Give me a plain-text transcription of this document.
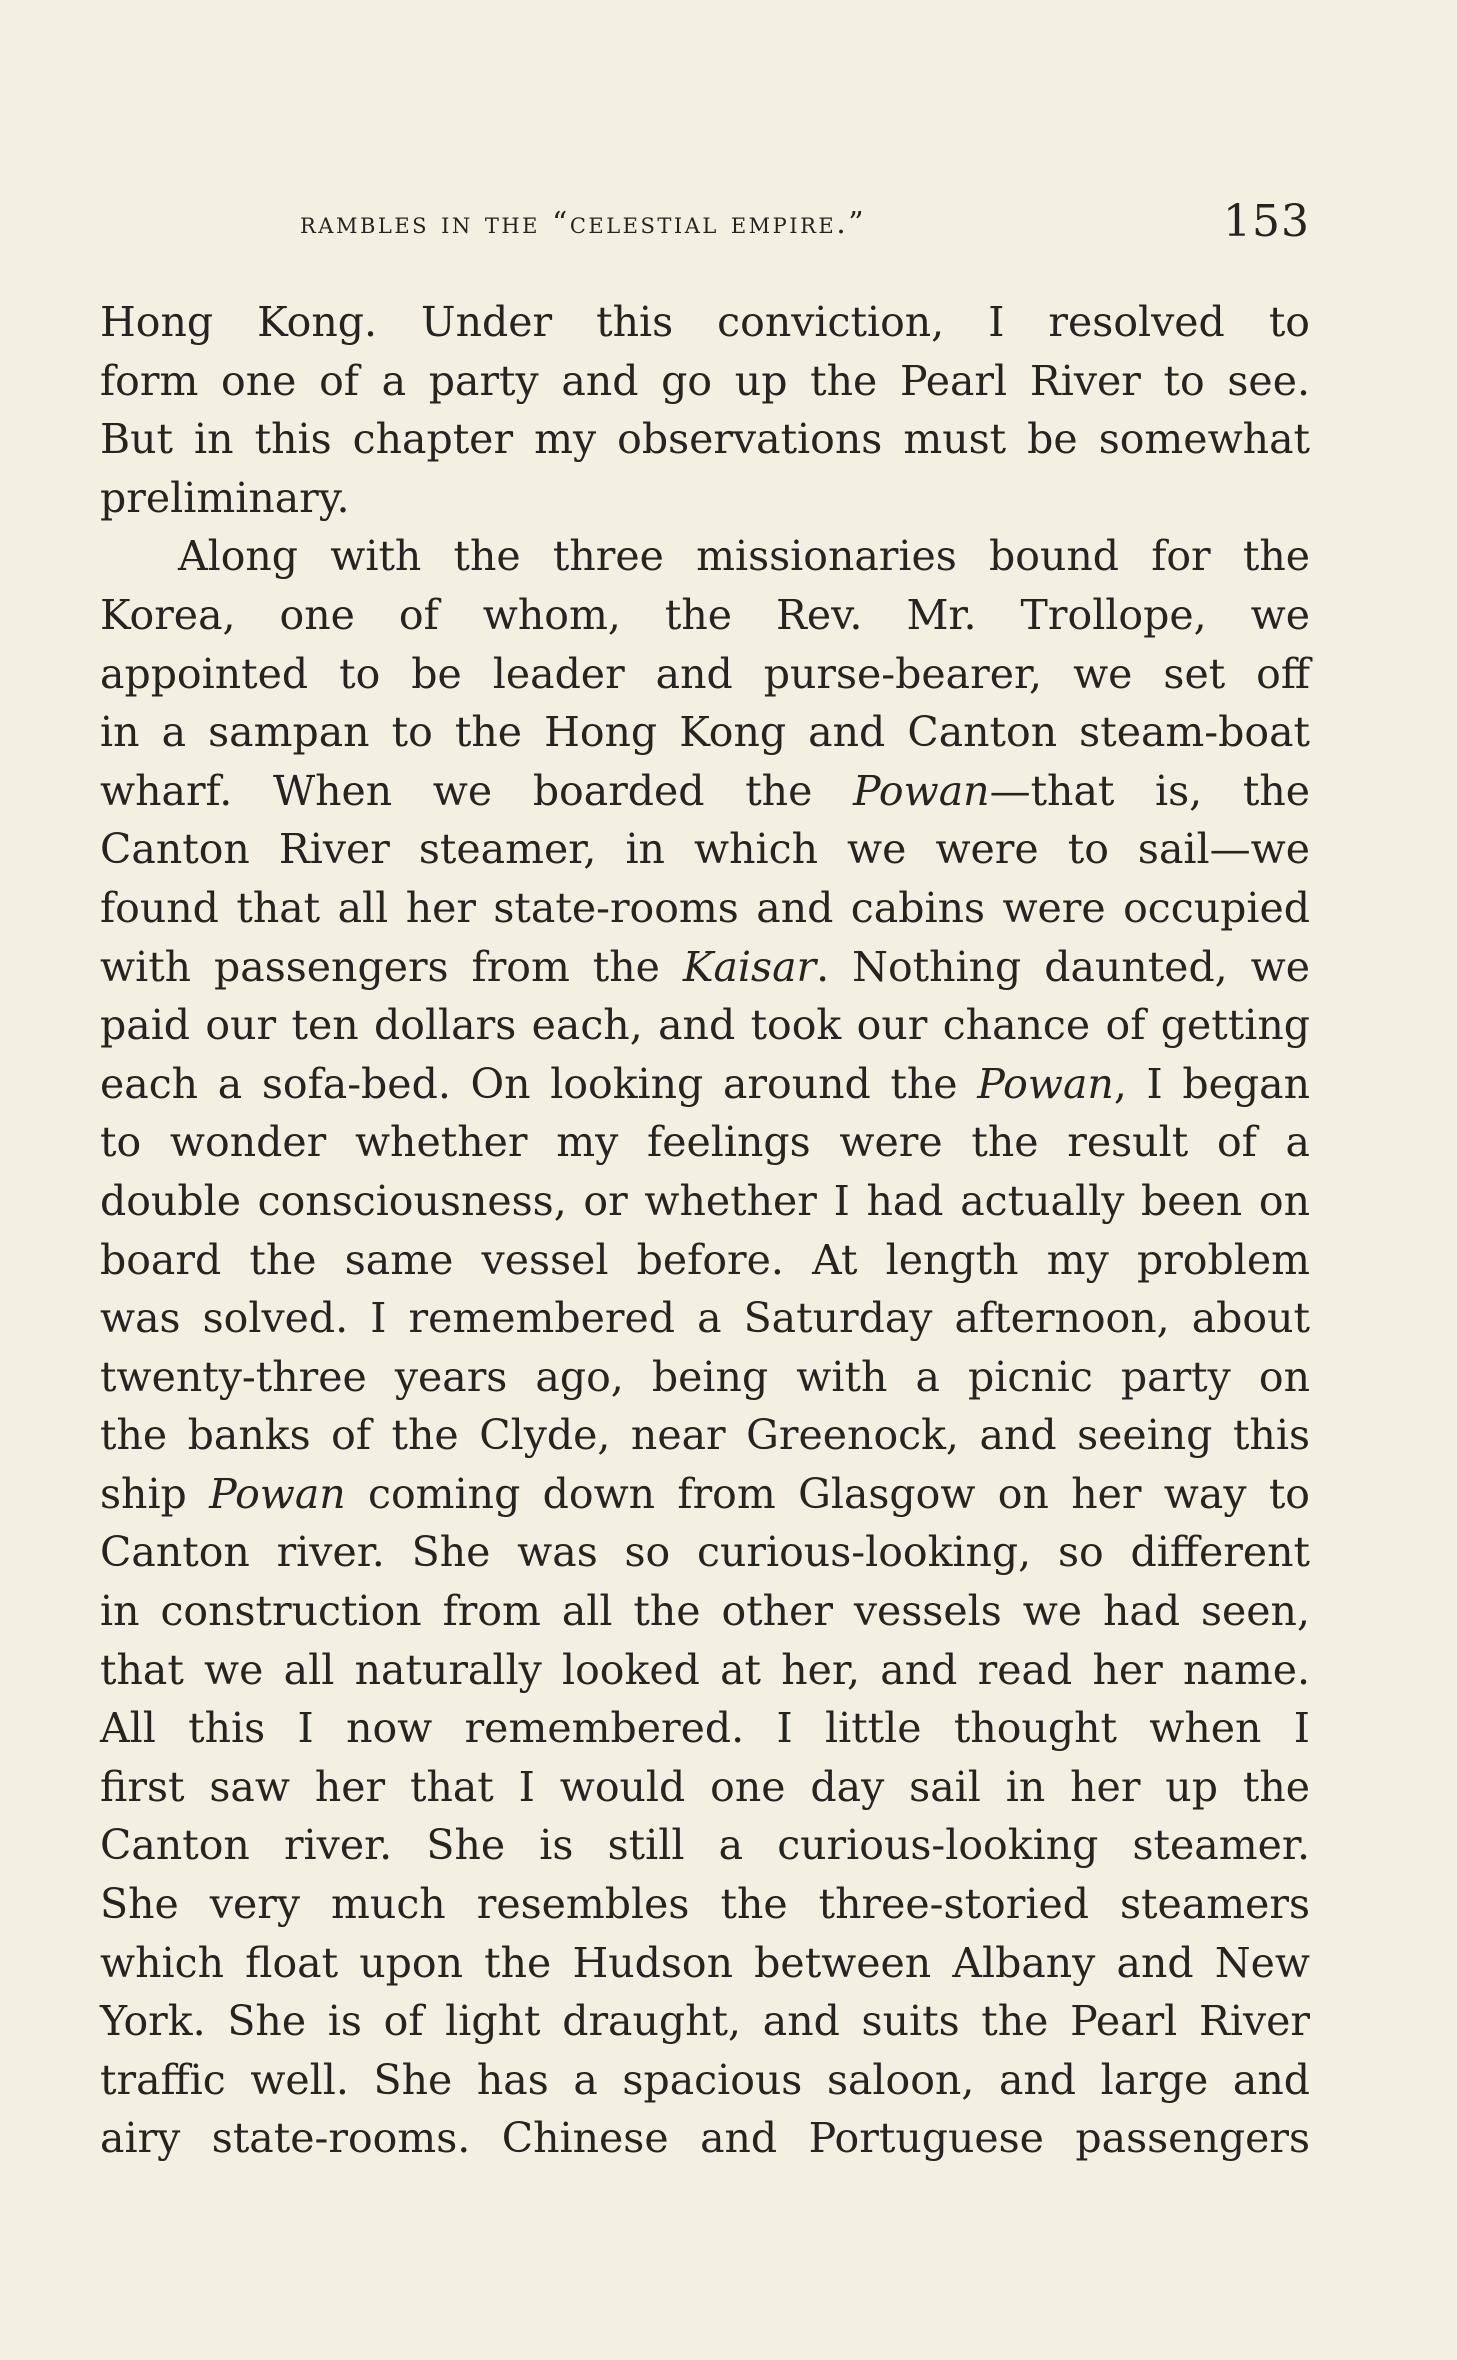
rambles in the “celestial empire.”	153
Hong Kong. Under this conviction, I resolved to
form one of a party and go up the Pearl River to see.
But in this chapter my observations must be somewhat
preliminary.
Along with the three missionaries bound for the
Korea, one of whom, the Rev. Mr. Trollope, we
appointed to be leader and purse-bearer, we set off
in a sampan to the Hong Kong and Canton steam-boat
wharf. When we boarded the Powan—that is, the
Canton River steamer, in which we were to sail—we
found that all her state-rooms and cabins were occupied
with passengers from the Kaisar. Nothing daunted, we
paid our ten dollars each, and took our chance of getting
each a sofa-bed. On looking around the Powan, I began
to wonder whether my feelings were the result of a
double consciousness, or whether I had actually been on
board the same vessel before. At length my problem
was solved. I remembered a Saturday afternoon, about
twenty-three years ago, being with a picnic party on
the banks of the Clyde, near Greenock, and seeing this
ship Powan coming down from Glasgow on her way to
Canton river. She was so curious-looking, so different
in construction from all the other vessels we had seen,
that we all naturally looked at her, and read her name.
All this I now remembered. I little thought when I
first saw her that I would one day sail in her up the
Canton river. She is still a curious-looking steamer.
She very much resembles the three-storied steamers
which float upon the Hudson between Albany and New
York. She is of light draught, and suits the Pearl River
traffic well. She has a spacious saloon, and large and
airy state-rooms. Chinese and Portuguese passengers
